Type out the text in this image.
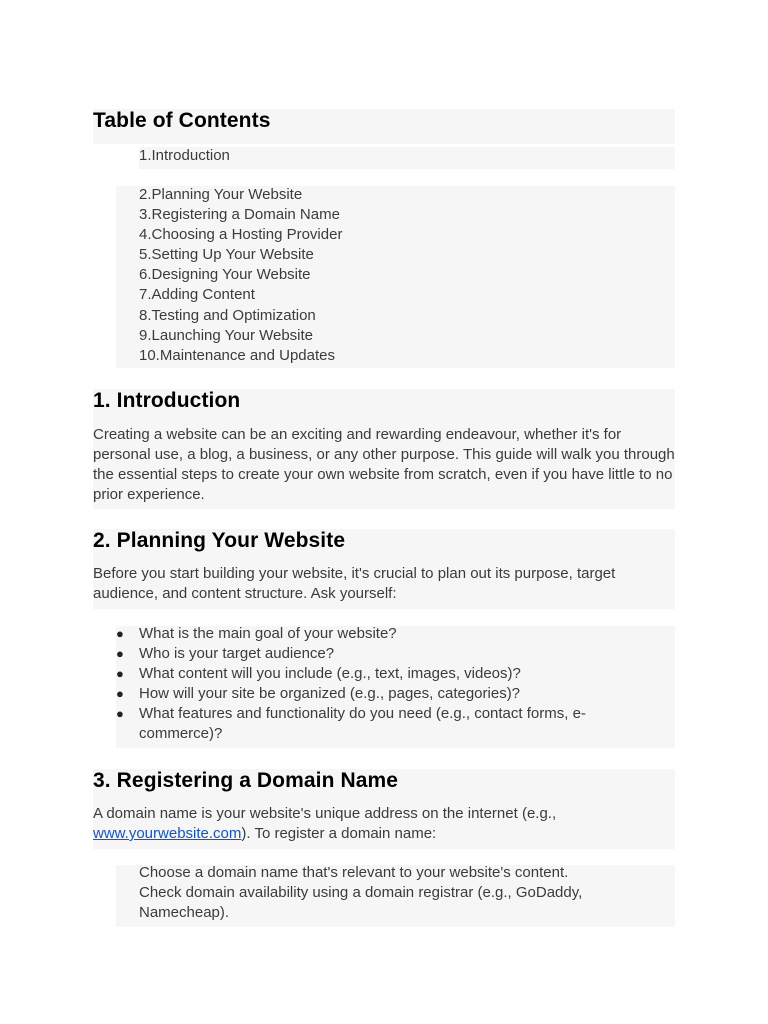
Table of Contents
1.Introduction
2.Planning Your Website
3.Registering a Domain Name
4.Choosing a Hosting Provider
5.Setting Up Your Website
6.Designing Your Website
7.Adding Content
8.Testing and Optimization
9.Launching Your Website
10.Maintenance and Updates
1. Introduction

Creating a website can be an exciting and rewarding endeavour, whether it's for personal use, a blog, a business, or any other purpose. This guide will walk you through the essential steps to create your own website from scratch, even if you have little to no prior experience.

2. Planning Your Website

Before you start building your website, it's crucial to plan out its purpose, target audience, and content structure. Ask yourself:

● What is the main goal of your website?
● Who is your target audience?
● What content will you include (e.g., text, images, videos)?
● How will your site be organized (e.g., pages, categories)?
● What features and functionality do you need (e.g., contact forms, e-commerce)?
3. Registering a Domain Name

A domain name is your website's unique address on the internet (e.g., www.yourwebsite.com). To register a domain name:

Choose a domain name that's relevant to your website's content.
Check domain availability using a domain registrar (e.g., GoDaddy, Namecheap).
